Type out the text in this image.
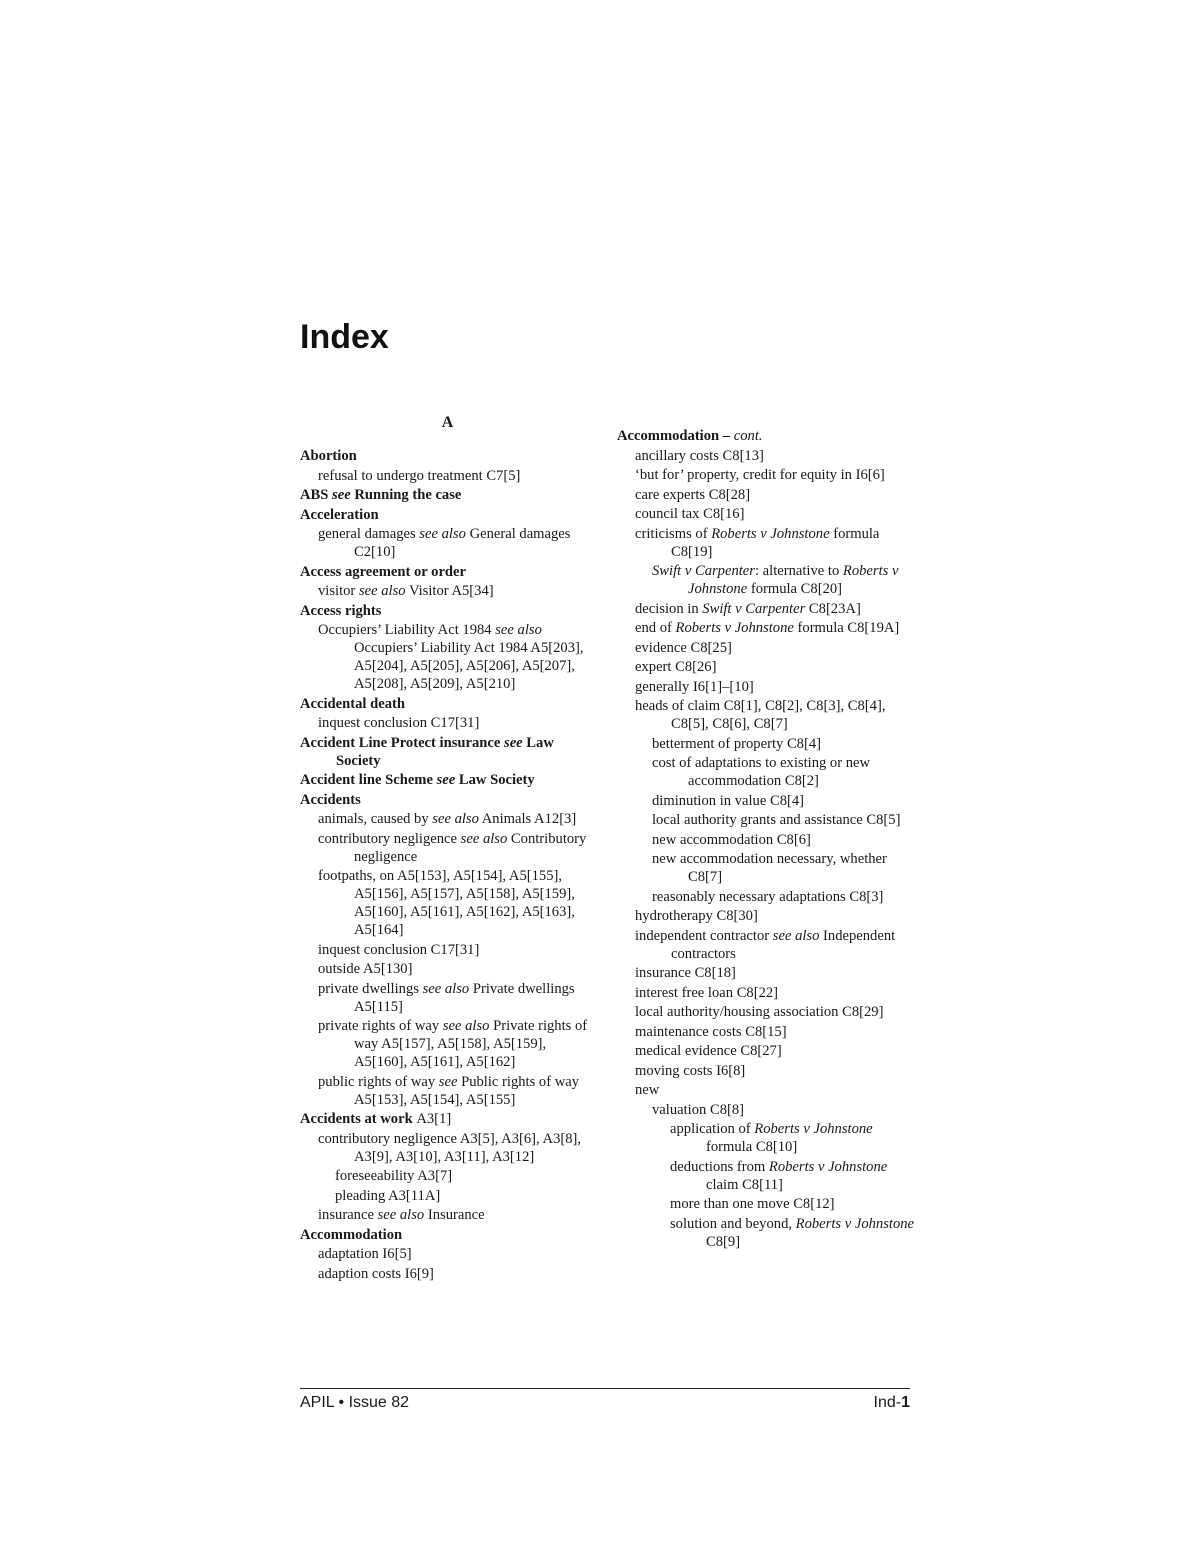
Index
A
Abortion
refusal to undergo treatment C7[5]
ABS see Running the case
Acceleration
general damages see also General damages C2[10]
Access agreement or order
visitor see also Visitor A5[34]
Access rights
Occupiers’ Liability Act 1984 see also Occupiers’ Liability Act 1984 A5[203], A5[204], A5[205], A5[206], A5[207], A5[208], A5[209], A5[210]
Accidental death
inquest conclusion C17[31]
Accident Line Protect insurance see Law Society
Accident line Scheme see Law Society
Accidents
animals, caused by see also Animals A12[3]
contributory negligence see also Contributory negligence
footpaths, on A5[153], A5[154], A5[155], A5[156], A5[157], A5[158], A5[159], A5[160], A5[161], A5[162], A5[163], A5[164]
inquest conclusion C17[31]
outside A5[130]
private dwellings see also Private dwellings A5[115]
private rights of way see also Private rights of way A5[157], A5[158], A5[159], A5[160], A5[161], A5[162]
public rights of way see Public rights of way A5[153], A5[154], A5[155]
Accidents at work A3[1]
contributory negligence A3[5], A3[6], A3[8], A3[9], A3[10], A3[11], A3[12]
foreseeability A3[7]
pleading A3[11A]
insurance see also Insurance
Accommodation
adaptation I6[5]
adaption costs I6[9]
Accommodation – cont.
ancillary costs C8[13]
‘but for’ property, credit for equity in I6[6]
care experts C8[28]
council tax C8[16]
criticisms of Roberts v Johnstone formula C8[19]
Swift v Carpenter: alternative to Roberts v Johnstone formula C8[20]
decision in Swift v Carpenter C8[23A]
end of Roberts v Johnstone formula C8[19A]
evidence C8[25]
expert C8[26]
generally I6[1]–[10]
heads of claim C8[1], C8[2], C8[3], C8[4], C8[5], C8[6], C8[7]
betterment of property C8[4]
cost of adaptations to existing or new accommodation C8[2]
diminution in value C8[4]
local authority grants and assistance C8[5]
new accommodation C8[6]
new accommodation necessary, whether C8[7]
reasonably necessary adaptations C8[3]
hydrotherapy C8[30]
independent contractor see also Independent contractors
insurance C8[18]
interest free loan C8[22]
local authority/housing association C8[29]
maintenance costs C8[15]
medical evidence C8[27]
moving costs I6[8]
new
valuation C8[8]
application of Roberts v Johnstone formula C8[10]
deductions from Roberts v Johnstone claim C8[11]
more than one move C8[12]
solution and beyond, Roberts v Johnstone C8[9]
APIL • Issue 82	Ind-1
